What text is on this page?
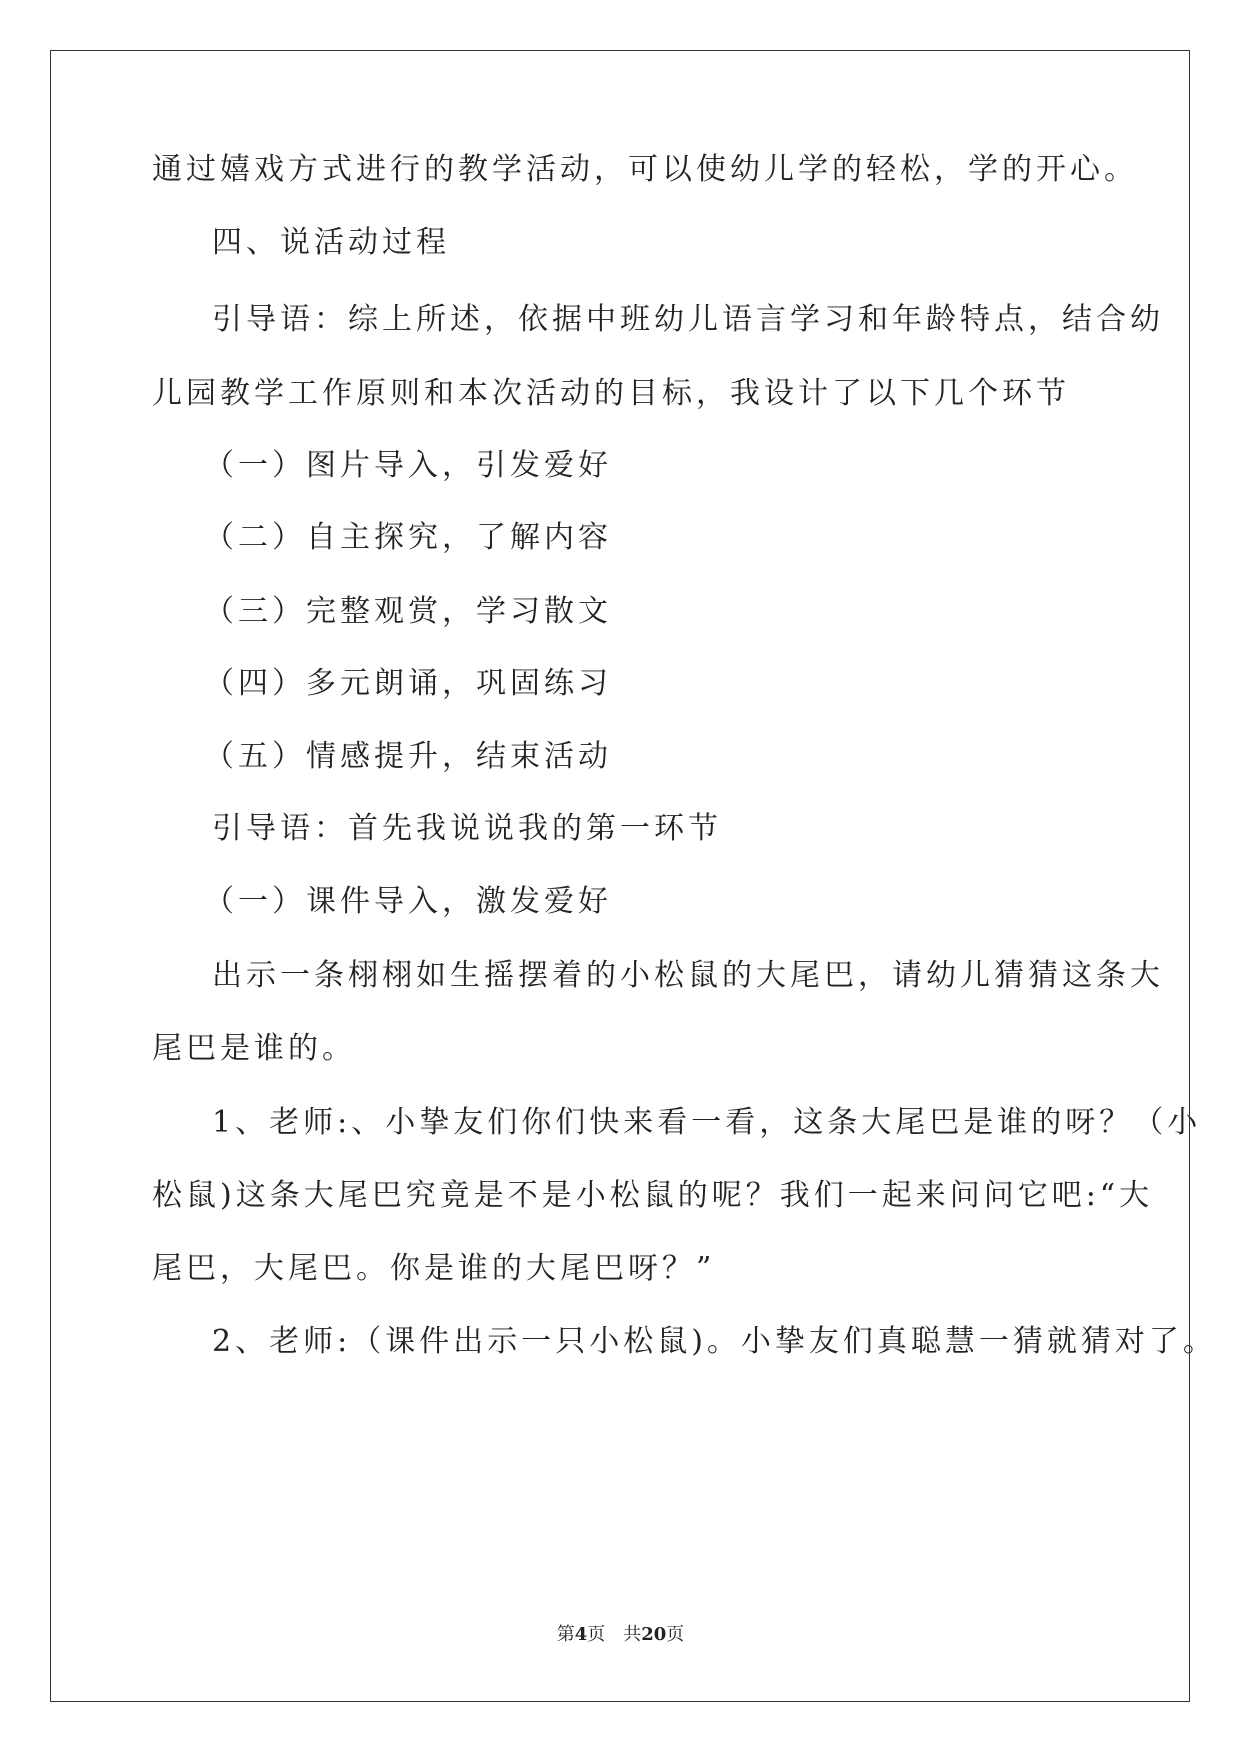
通过嬉戏方式进行的教学活动，可以使幼儿学的轻松，学的开心。
四、说活动过程
引导语：综上所述，依据中班幼儿语言学习和年龄特点，结合幼
儿园教学工作原则和本次活动的目标，我设计了以下几个环节
（一）图片导入，引发爱好
（二）自主探究，了解内容
（三）完整观赏，学习散文
（四）多元朗诵，巩固练习
（五）情感提升，结束活动
引导语：首先我说说我的第一环节
（一）课件导入，激发爱好
出示一条栩栩如生摇摆着的小松鼠的大尾巴，请幼儿猜猜这条大
尾巴是谁的。
1、老师:、小挚友们你们快来看一看，这条大尾巴是谁的呀？（小
松鼠)这条大尾巴究竟是不是小松鼠的呢？我们一起来问问它吧:“大
尾巴，大尾巴。你是谁的大尾巴呀？”
2、老师:（课件出示一只小松鼠)。小挚友们真聪慧一猜就猜对了。
第4页 共20页
